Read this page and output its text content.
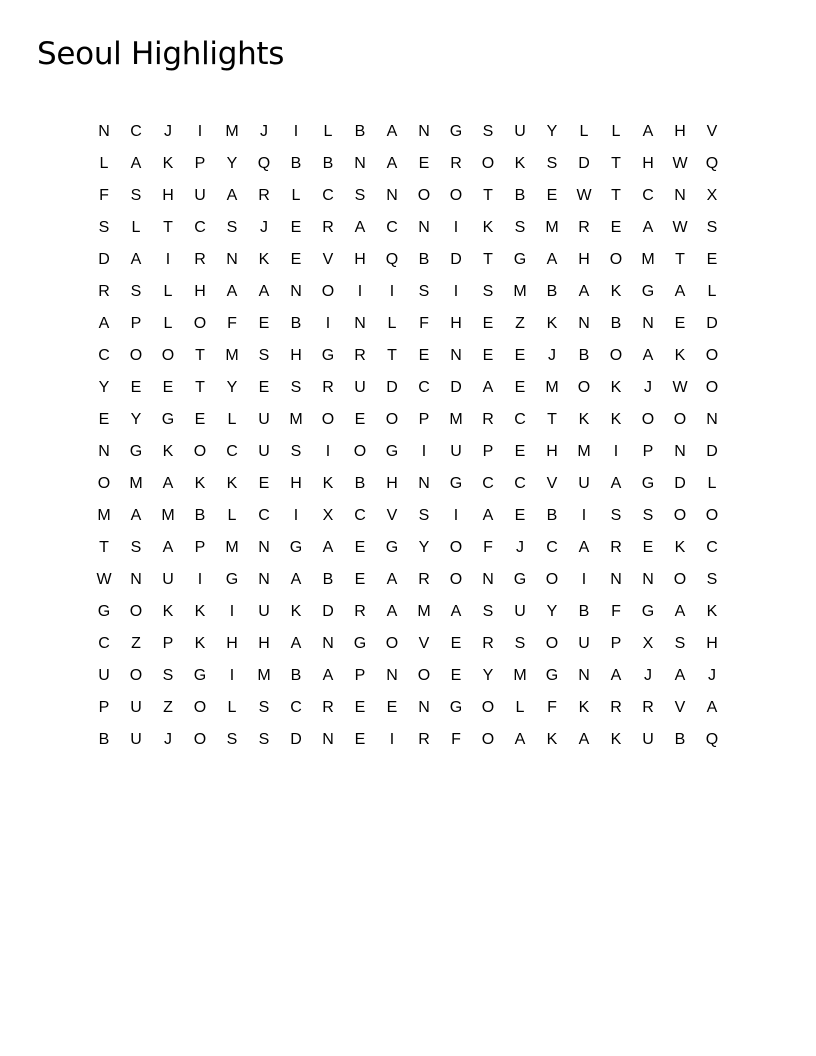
Seoul Highlights
N	C	J	I	M	J	I	L	B	A	N	G	S	U	Y	L	L	A	H	V
L	A	K	P	Y	Q	B	B	N	A	E	R	O	K	S	D	T	H	W	Q
F	S	H	U	A	R	L	C	S	N	O	O	T	B	E	W	T	C	N	X
S	L	T	C	S	J	E	R	A	C	N	I	K	S	M	R	E	A	W	S
D	A	I	R	N	K	E	V	H	Q	B	D	T	G	A	H	O	M	T	E
R	S	L	H	A	A	N	O	I	I	S	I	S	M	B	A	K	G	A	L
A	P	L	O	F	E	B	I	N	L	F	H	E	Z	K	N	B	N	E	D
C	O	O	T	M	S	H	G	R	T	E	N	E	E	J	B	O	A	K	O
Y	E	E	T	Y	E	S	R	U	D	C	D	A	E	M	O	K	J	W	O
E	Y	G	E	L	U	M	O	E	O	P	M	R	C	T	K	K	O	O	N
N	G	K	O	C	U	S	I	O	G	I	U	P	E	H	M	I	P	N	D
O	M	A	K	K	E	H	K	B	H	N	G	C	C	V	U	A	G	D	L
M	A	M	B	L	C	I	X	C	V	S	I	A	E	B	I	S	S	O	O
T	S	A	P	M	N	G	A	E	G	Y	O	F	J	C	A	R	E	K	C
W	N	U	I	G	N	A	B	E	A	R	O	N	G	O	I	N	N	O	S
G	O	K	K	I	U	K	D	R	A	M	A	S	U	Y	B	F	G	A	K
C	Z	P	K	H	H	A	N	G	O	V	E	R	S	O	U	P	X	S	H
U	O	S	G	I	M	B	A	P	N	O	E	Y	M	G	N	A	J	A	J
P	U	Z	O	L	S	C	R	E	E	N	G	O	L	F	K	R	R	V	A
B	U	J	O	S	S	D	N	E	I	R	F	O	A	K	A	K	U	B	Q
